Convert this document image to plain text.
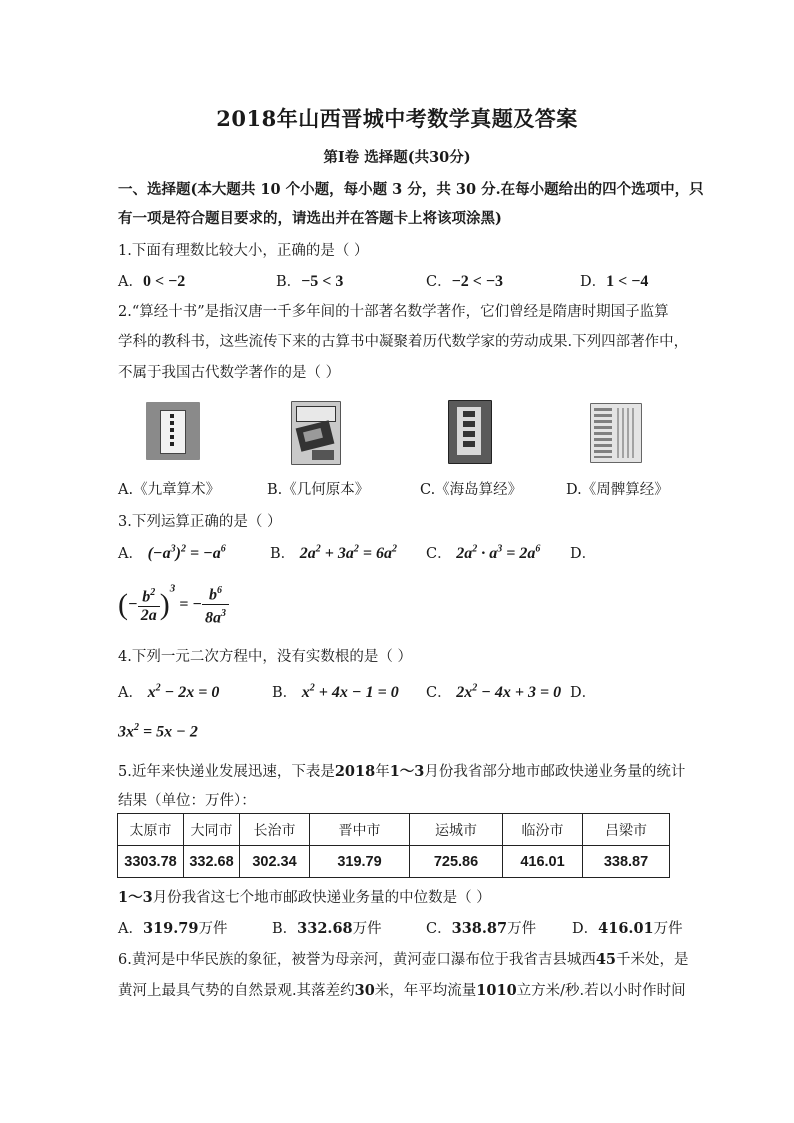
2018年山西晋城中考数学真题及答案
第Ⅰ卷 选择题(共30分)
一、选择题(本大题共 10 个小题，每小题 3 分，共 30 分.在每小题给出的四个选项中，只
有一项是符合题目要求的，请选出并在答题卡上将该项涂黑)
1.下面有理数比较大小，正确的是（ ）
A．0 < −2	B．−5 < 3	C．−2 < −3	D．1 < −4
2.“算经十书”是指汉唐一千多年间的十部著名数学著作，它们曾经是隋唐时期国子监算
学科的教科书，这些流传下来的古算书中凝聚着历代数学家的劳动成果.下列四部著作中，
不属于我国古代数学著作的是（ ）
A.《九章算术》	B.《几何原本》	C.《海岛算经》	D.《周髀算经》
3.下列运算正确的是（ ）
A． $(-a^3)^2 = -a^6$	B． $2a^2 + 3a^2 = 6a^2$ C． $2a^2 \cdot a^3 = 2a^6$ D．
(− $\frac{b^2}{2a} )^3$ = − $\frac{b^6}{8a^3}$
4.下列一元二次方程中，没有实数根的是（ ）
A． $x^2 - 2x = 0$	B． $x^2 + 4x - 1 = 0$ C． $2x^2 - 4x + 3 = 0$ D．
$3x^2 = 5x - 2$
5.近年来快递业发展迅速，下表是2018年1～3月份我省部分地市邮政快递业务量的统计
结果（单位：万件）：
太原市	大同市	长治市	晋中市	运城市	临汾市	吕梁市
3303.78	332.68	302.34	319.79	725.86	416.01	338.87
1～3月份我省这七个地市邮政快递业务量的中位数是（ ）
A．319.79万件	B．332.68万件	C．338.87万件 D．416.01万件
6.黄河是中华民族的象征，被誉为母亲河，黄河壶口瀑布位于我省吉县城西45千米处，是
黄河上最具气势的自然景观.其落差约30米，年平均流量1010立方米/秒.若以小时作时间
